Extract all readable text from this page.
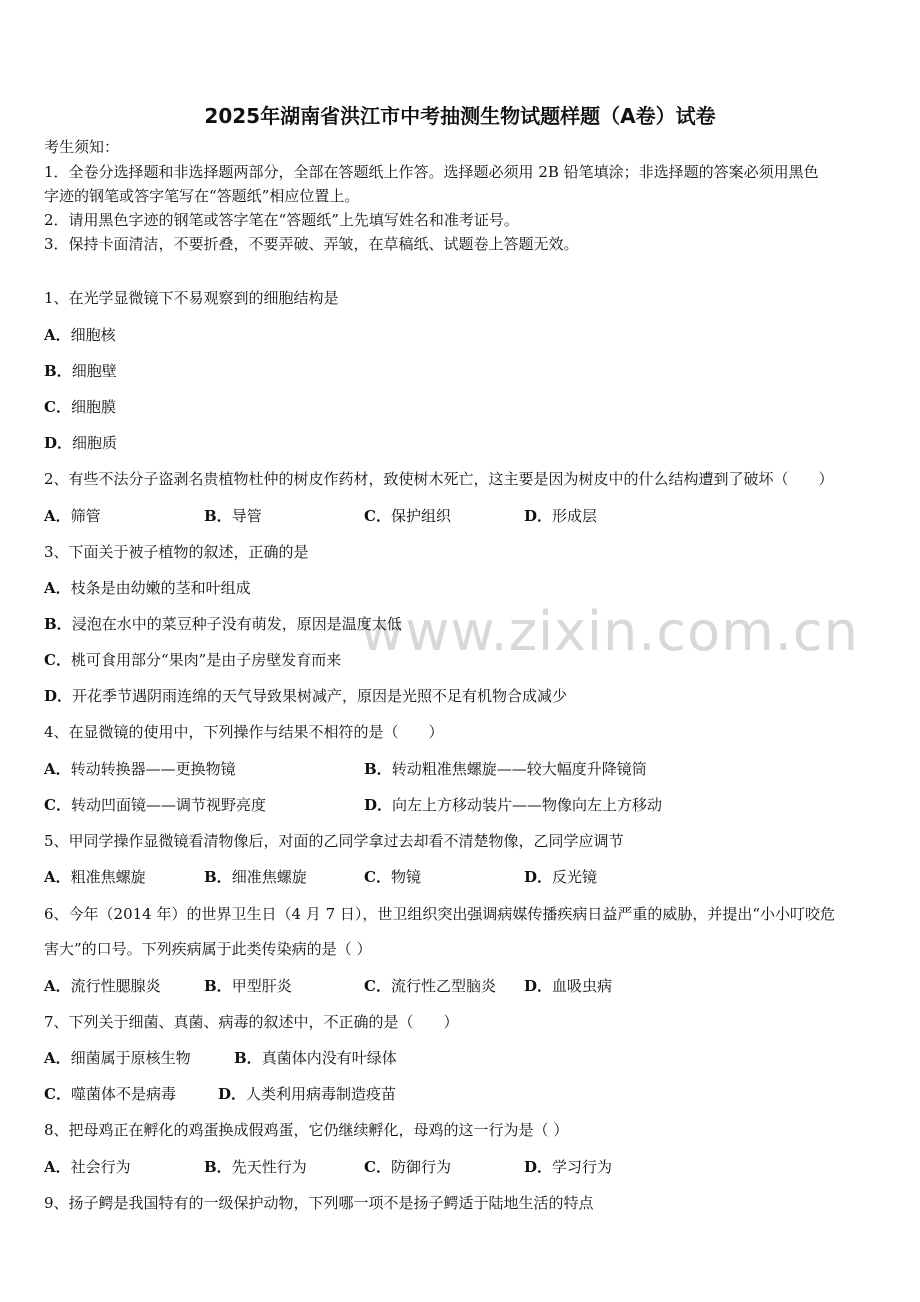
www.zixin.com.cn
2025年湖南省洪江市中考抽测生物试题样题（A卷）试卷
考生须知：
1．全卷分选择题和非选择题两部分，全部在答题纸上作答。选择题必须用 2B 铅笔填涂；非选择题的答案必须用黑色
字迹的钢笔或答字笔写在“答题纸”相应位置上。
2．请用黑色字迹的钢笔或答字笔在“答题纸”上先填写姓名和准考证号。
3．保持卡面清洁，不要折叠，不要弄破、弄皱，在草稿纸、试题卷上答题无效。
1、在光学显微镜下不易观察到的细胞结构是
A．细胞核
B．细胞壁
C．细胞膜
D．细胞质
2、有些不法分子盗剥名贵植物杜仲的树皮作药材，致使树木死亡，这主要是因为树皮中的什么结构遭到了破坏（　　）
A．筛管	B．导管	C．保护组织	D．形成层
3、下面关于被子植物的叙述，正确的是
A．枝条是由幼嫩的茎和叶组成
B．浸泡在水中的菜豆种子没有萌发，原因是温度太低
C．桃可食用部分“果肉”是由子房壁发育而来
D．开花季节遇阴雨连绵的天气导致果树减产，原因是光照不足有机物合成减少
4、在显微镜的使用中，下列操作与结果不相符的是（　　）
A．转动转换器——更换物镜	B．转动粗准焦螺旋——较大幅度升降镜筒
C．转动凹面镜——调节视野亮度	D．向左上方移动装片——物像向左上方移动
5、甲同学操作显微镜看清物像后，对面的乙同学拿过去却看不清楚物像，乙同学应调节
A．粗准焦螺旋	B．细准焦螺旋	C．物镜	D．反光镜
6、今年（2014 年）的世界卫生日（4 月 7 日），世卫组织突出强调病媒传播疾病日益严重的威胁，并提出“小小叮咬危
害大”的口号。下列疾病属于此类传染病的是（ ）
A．流行性腮腺炎	B．甲型肝炎	C．流行性乙型脑炎 D．血吸虫病
7、下列关于细菌、真菌、病毒的叙述中，不正确的是（　　）
A．细菌属于原核生物	B．真菌体内没有叶绿体
C．噬菌体不是病毒	D．人类利用病毒制造疫苗
8、把母鸡正在孵化的鸡蛋换成假鸡蛋，它仍继续孵化，母鸡的这一行为是（ ）
A．社会行为	B．先天性行为	C．防御行为	D．学习行为
9、扬子鳄是我国特有的一级保护动物，下列哪一项不是扬子鳄适于陆地生活的特点
